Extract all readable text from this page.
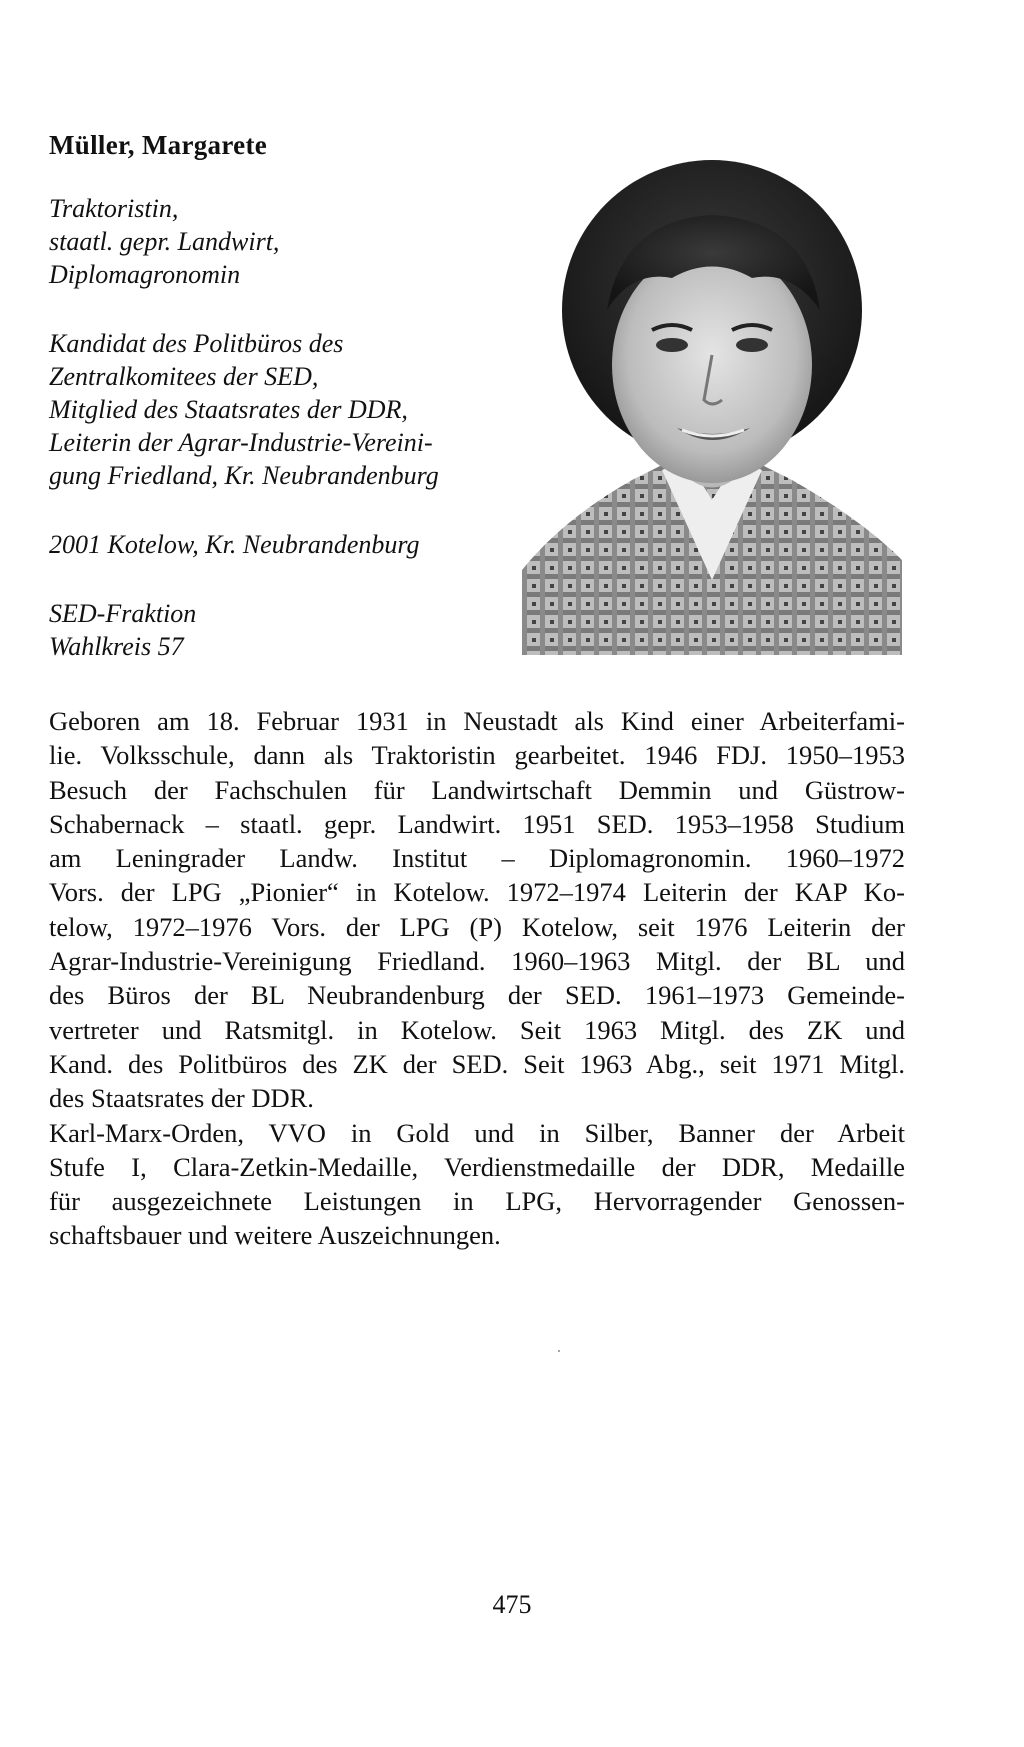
Müller, Margarete
Traktoristin,
staatl. gepr. Landwirt,
Diplomagronomin
Kandidat des Politbüros des
Zentralkomitees der SED,
Mitglied des Staatsrates der DDR,
Leiterin der Agrar-Industrie-Vereini-
gung Friedland, Kr. Neubrandenburg
2001 Kotelow, Kr. Neubrandenburg
SED-Fraktion
Wahlkreis 57
Geboren am 18. Februar 1931 in Neustadt als Kind einer Arbeiterfami-
lie. Volksschule, dann als Traktoristin gearbeitet. 1946 FDJ. 1950–1953
Besuch der Fachschulen für Landwirtschaft Demmin und Güstrow-
Schabernack – staatl. gepr. Landwirt. 1951 SED. 1953–1958 Studium
am Leningrader Landw. Institut – Diplomagronomin. 1960–1972
Vors. der LPG „Pionier“ in Kotelow. 1972–1974 Leiterin der KAP Ko-
telow, 1972–1976 Vors. der LPG (P) Kotelow, seit 1976 Leiterin der
Agrar-Industrie-Vereinigung Friedland. 1960–1963 Mitgl. der BL und
des Büros der BL Neubrandenburg der SED. 1961–1973 Gemeinde-
vertreter und Ratsmitgl. in Kotelow. Seit 1963 Mitgl. des ZK und
Kand. des Politbüros des ZK der SED. Seit 1963 Abg., seit 1971 Mitgl.
des Staatsrates der DDR.
Karl-Marx-Orden, VVO in Gold und in Silber, Banner der Arbeit
Stufe I, Clara-Zetkin-Medaille, Verdienstmedaille der DDR, Medaille
für ausgezeichnete Leistungen in LPG, Hervorragender Genossen-
schaftsbauer und weitere Auszeichnungen.
475
